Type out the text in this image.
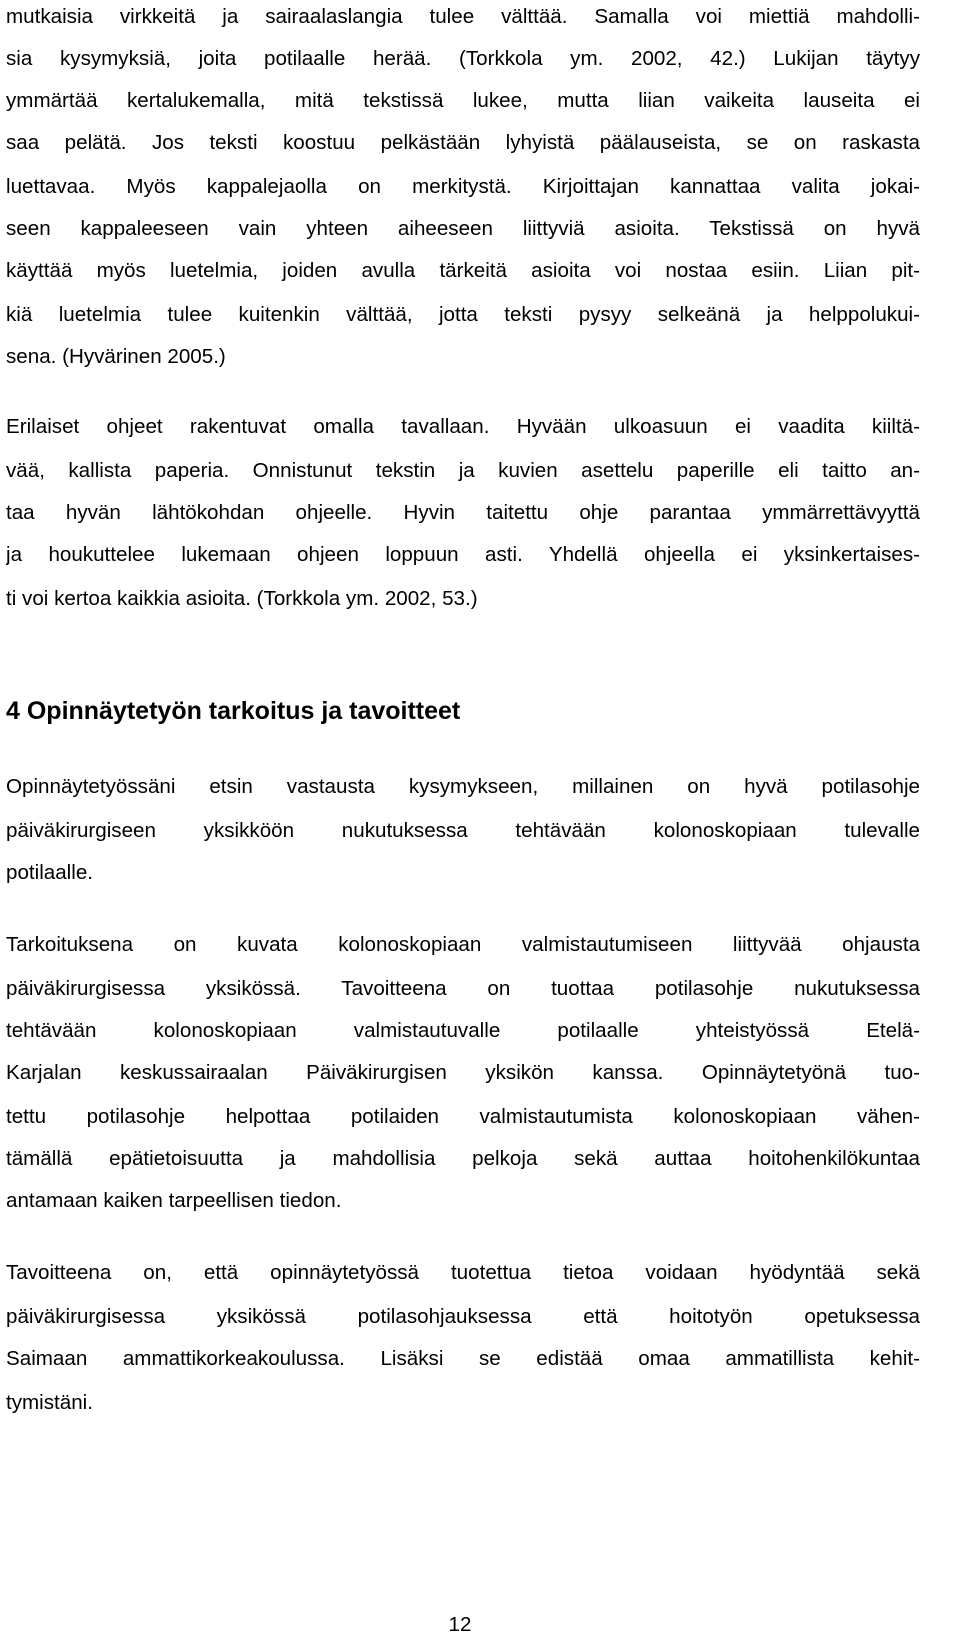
mutkaisia virkkeitä ja sairaalaslangia tulee välttää. Samalla voi miettiä mahdolli-
sia kysymyksiä, joita potilaalle herää. (Torkkola ym. 2002, 42.) Lukijan täytyy
ymmärtää kertalukemalla, mitä tekstissä lukee, mutta liian vaikeita lauseita ei
saa pelätä. Jos teksti koostuu pelkästään lyhyistä päälauseista, se on raskasta
luettavaa. Myös kappalejaolla on merkitystä. Kirjoittajan kannattaa valita jokai-
seen kappaleeseen vain yhteen aiheeseen liittyviä asioita. Tekstissä on hyvä
käyttää myös luetelmia, joiden avulla tärkeitä asioita voi nostaa esiin. Liian pit-
kiä luetelmia tulee kuitenkin välttää, jotta teksti pysyy selkeänä ja helppolukui-
sena. (Hyvärinen 2005.)
Erilaiset ohjeet rakentuvat omalla tavallaan. Hyvään ulkoasuun ei vaadita kiiltä-
vää, kallista paperia. Onnistunut tekstin ja kuvien asettelu paperille eli taitto an-
taa hyvän lähtökohdan ohjeelle. Hyvin taitettu ohje parantaa ymmärrettävyyttä
ja houkuttelee lukemaan ohjeen loppuun asti. Yhdellä ohjeella ei yksinkertaises-
ti voi kertoa kaikkia asioita. (Torkkola ym. 2002, 53.)
4 Opinnäytetyön tarkoitus ja tavoitteet
Opinnäytetyössäni etsin vastausta kysymykseen, millainen on hyvä potilasohje
päiväkirurgiseen yksikköön nukutuksessa tehtävään kolonoskopiaan tulevalle
potilaalle.
Tarkoituksena on kuvata kolonoskopiaan valmistautumiseen liittyvää ohjausta
päiväkirurgisessa yksikössä. Tavoitteena on tuottaa potilasohje nukutuksessa
tehtävään kolonoskopiaan valmistautuvalle potilaalle yhteistyössä Etelä-
Karjalan keskussairaalan Päiväkirurgisen yksikön kanssa. Opinnäytetyönä tuo-
tettu potilasohje helpottaa potilaiden valmistautumista kolonoskopiaan vähen-
tämällä epätietoisuutta ja mahdollisia pelkoja sekä auttaa hoitohenkilökuntaa
antamaan kaiken tarpeellisen tiedon.
Tavoitteena on, että opinnäytetyössä tuotettua tietoa voidaan hyödyntää sekä
päiväkirurgisessa yksikössä potilasohjauksessa että hoitotyön opetuksessa
Saimaan ammattikorkeakoulussa. Lisäksi se edistää omaa ammatillista kehit-
tymistäni.
12
